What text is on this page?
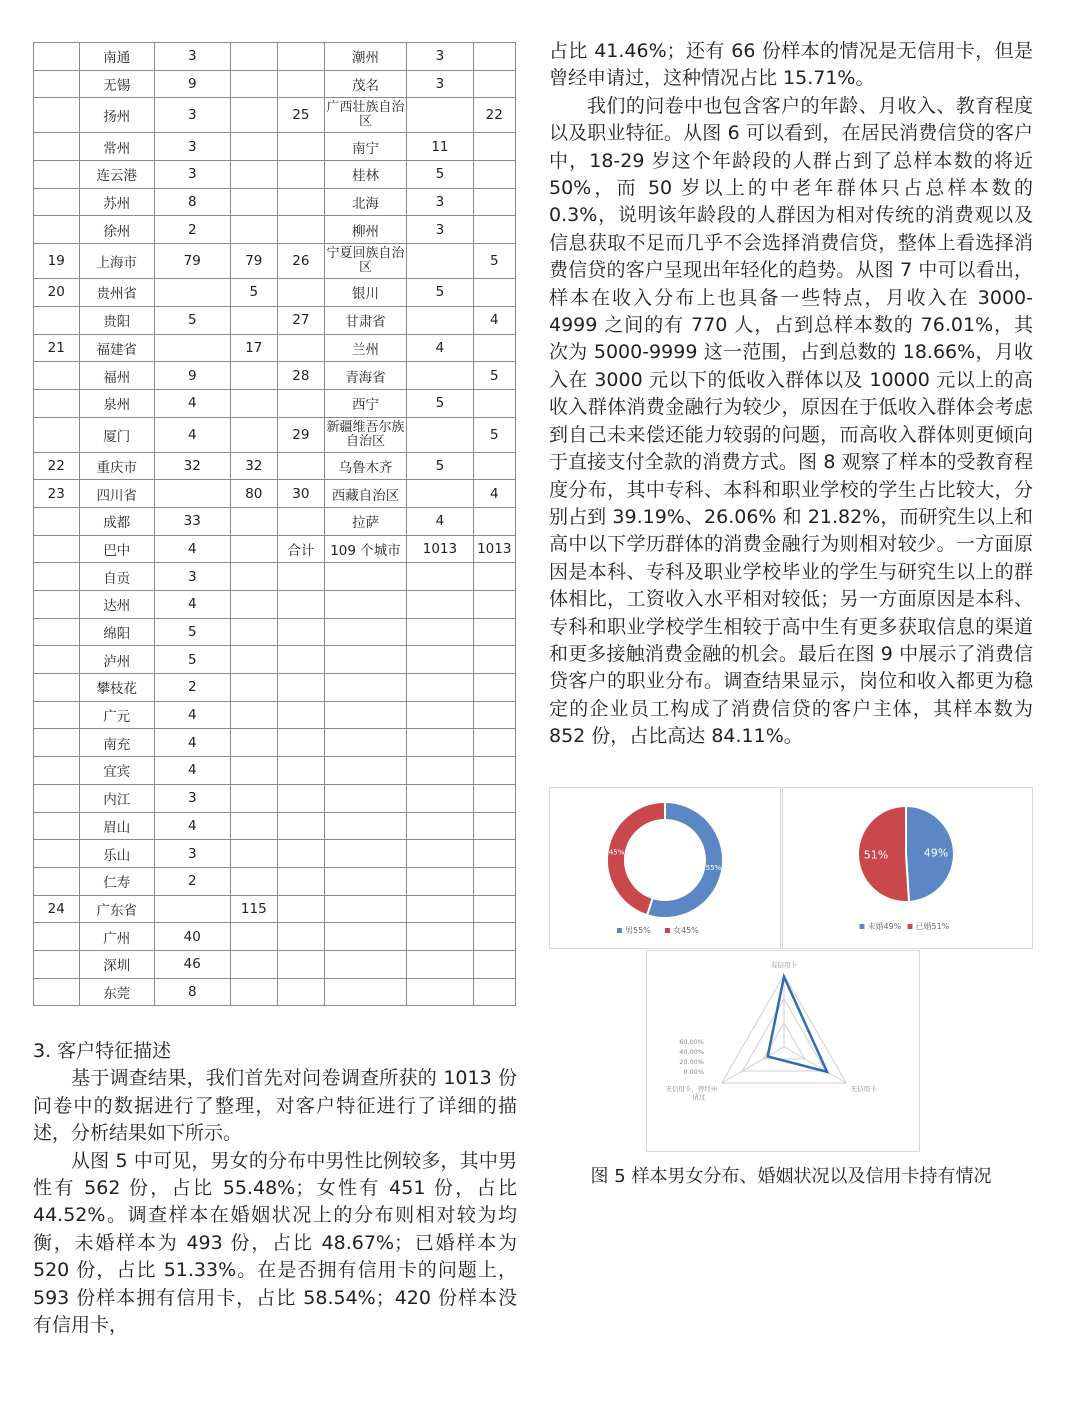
	南通	3			潮州	3	
	无锡	9			茂名	3	
	扬州	3		25	广西壮族自治区		22
	常州	3			南宁	11	
	连云港	3			桂林	5	
	苏州	8			北海	3	
	徐州	2			柳州	3	
19	上海市	79	79	26	宁夏回族自治区		5
20	贵州省		5		银川	5	
	贵阳	5		27	甘肃省		4
21	福建省		17		兰州	4	
	福州	9		28	青海省		5
	泉州	4			西宁	5	
	厦门	4		29	新疆维吾尔族自治区		5
22	重庆市	32	32		乌鲁木齐	5	
23	四川省		80	30	西藏自治区		4
	成都	33			拉萨	4	
	巴中	4		合计	109 个城市	1013	1013
	自贡	3					
	达州	4					
	绵阳	5					
	泸州	5					
	攀枝花	2					
	广元	4					
	南充	4					
	宜宾	4					
	内江	3					
	眉山	4					
	乐山	3					
	仁寿	2					
24	广东省		115				
	广州	40					
	深圳	46					
	东莞	8					

占比 41.46%；还有 66 份样本的情况是无信用卡，但是曾经申请过，这种情况占比 15.71%。

我们的问卷中也包含客户的年龄、月收入、教育程度以及职业特征。从图 6 可以看到，在居民消费信贷的客户中，18-29 岁这个年龄段的人群占到了总样本数的将近 50%，而 50 岁以上的中老年群体只占总样本数的 0.3%，说明该年龄段的人群因为相对传统的消费观以及信息获取不足而几乎不会选择消费信贷，整体上看选择消费信贷的客户呈现出年轻化的趋势。从图 7 中可以看出，样本在收入分布上也具备一些特点，月收入在 3000-4999 之间的有 770 人，占到总样本数的 76.01%，其次为 5000-9999 这一范围，占到总数的 18.66%，月收入在 3000 元以下的低收入群体以及 10000 元以上的高收入群体消费金融行为较少，原因在于低收入群体会考虑到自己未来偿还能力较弱的问题，而高收入群体则更倾向于直接支付全款的消费方式。图 8 观察了样本的受教育程度分布，其中专科、本科和职业学校的学生占比较大，分别占到 39.19%、26.06% 和 21.82%，而研究生以上和高中以下学历群体的消费金融行为则相对较少。一方面原因是本科、专科及职业学校毕业的学生与研究生以上的群体相比，工资收入水平相对较低；另一方面原因是本科、专科和职业学校学生相较于高中生有更多获取信息的渠道和更多接触消费金融的机会。最后在图 9 中展示了消费信贷客户的职业分布。调查结果显示，岗位和收入都更为稳定的企业员工构成了消费信贷的客户主体，其样本数为 852 份，占比高达 84.11%。

3. 客户特征描述

基于调查结果，我们首先对问卷调查所获的 1013 份问卷中的数据进行了整理，对客户特征进行了详细的描述，分析结果如下所示。

从图 5 中可见，男女的分布中男性比例较多，其中男性有 562 份，占比 55.48%；女性有 451 份，占比 44.52%。调查样本在婚姻状况上的分布则相对较为均衡，未婚样本为 493 份，占比 48.67%；已婚样本为 520 份，占比 51.33%。在是否拥有信用卡的问题上，593 份样本拥有信用卡，占比 58.54%；420 份样本没有信用卡，

55%
45%
男55%	女45%
49%
51%
未婚49% 已婚51%
有信用卡
无信用卡
无信用卡，曾经申请过
60.00%
40.00%
20.00%
0.00%
图 5 样本男女分布、婚姻状况以及信用卡持有情况
